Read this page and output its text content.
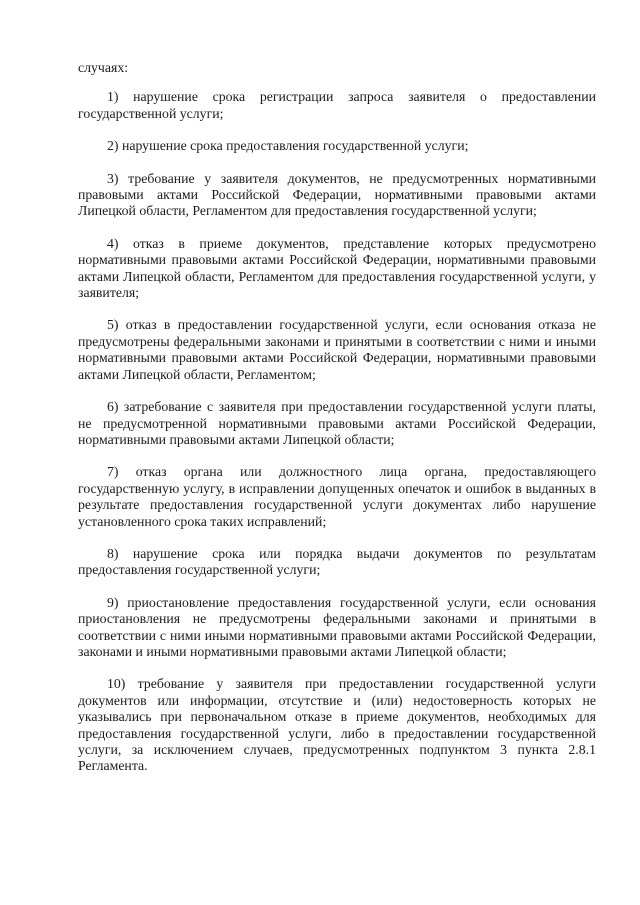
случаях:

1) нарушение срока регистрации запроса заявителя о предоставлении государственной услуги;

2) нарушение срока предоставления государственной услуги;

3) требование у заявителя документов, не предусмотренных нормативными правовыми актами Российской Федерации, нормативными правовыми актами Липецкой области, Регламентом для предоставления государственной услуги;

4) отказ в приеме документов, представление которых предусмотрено нормативными правовыми актами Российской Федерации, нормативными правовыми актами Липецкой области, Регламентом для предоставления государственной услуги, у заявителя;

5) отказ в предоставлении государственной услуги, если основания отказа не предусмотрены федеральными законами и принятыми в соответствии с ними и иными нормативными правовыми актами Российской Федерации, нормативными правовыми актами Липецкой области, Регламентом;

6) затребование с заявителя при предоставлении государственной услуги платы, не предусмотренной нормативными правовыми актами Российской Федерации, нормативными правовыми актами Липецкой области;

7) отказ органа или должностного лица органа, предоставляющего государственную услугу, в исправлении допущенных опечаток и ошибок в выданных в результате предоставления государственной услуги документах либо нарушение установленного срока таких исправлений;

8) нарушение срока или порядка выдачи документов по результатам предоставления государственной услуги;

9) приостановление предоставления государственной услуги, если основания приостановления не предусмотрены федеральными законами и принятыми в соответствии с ними иными нормативными правовыми актами Российской Федерации, законами и иными нормативными правовыми актами Липецкой области;

10) требование у заявителя при предоставлении государственной услуги документов или информации, отсутствие и (или) недостоверность которых не указывались при первоначальном отказе в приеме документов, необходимых для предоставления государственной услуги, либо в предоставлении государственной услуги, за исключением случаев, предусмотренных подпунктом 3 пункта 2.8.1 Регламента.
